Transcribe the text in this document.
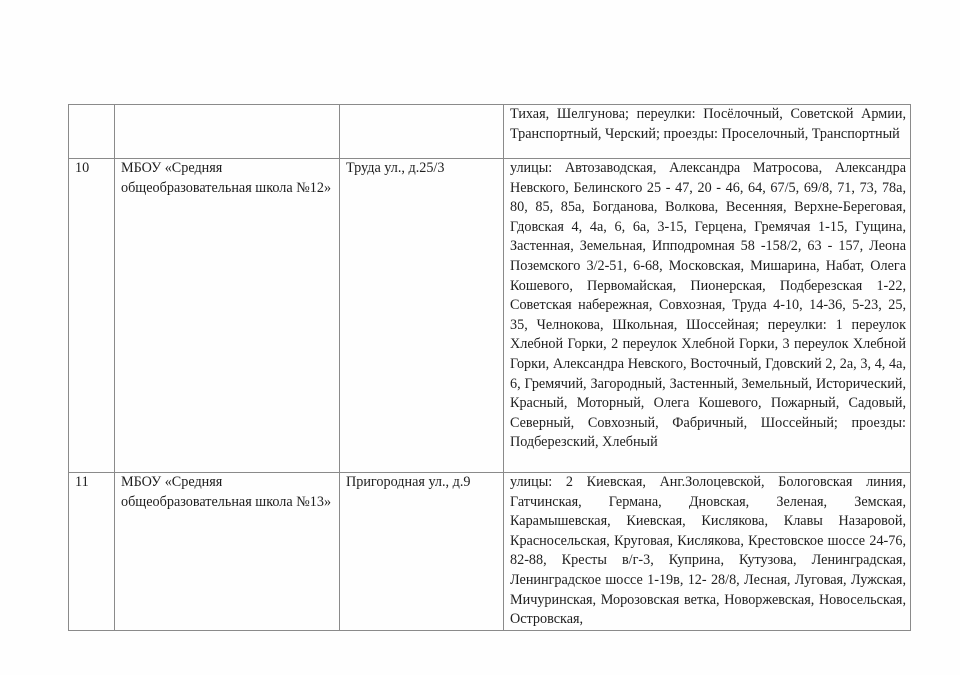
			Тихая, Шелгунова; переулки: Посёлочный, Советской Армии, Транспортный, Черский; проезды: Проселочный, Транспортный
10	МБОУ «Средняя общеобразовательная школа №12»	Труда ул., д.25/3	улицы: Автозаводская, Александра Матросова, Александра Невского, Белинского 25 - 47, 20 - 46, 64, 67/5, 69/8, 71, 73, 78а, 80, 85, 85а, Богданова, Волкова, Весенняя, Верхне-Береговая, Гдовская 4, 4а, 6, 6а, 3-15, Герцена, Гремячая 1-15, Гущина, Застенная, Земельная, Ипподромная 58 -158/2, 63 - 157, Леона Поземского 3/2-51, 6-68, Московская, Мишарина, Набат, Олега Кошевого, Первомайская, Пионерская, Подберезская 1-22, Советская набережная, Совхозная, Труда 4-10, 14-36, 5-23, 25, 35, Челнокова, Школьная, Шоссейная; переулки: 1 переулок Хлебной Горки, 2 переулок Хлебной Горки, 3 переулок Хлебной Горки, Александра Невского, Восточный, Гдовский 2, 2а, 3, 4, 4а, 6, Гремячий, Загородный, Застенный, Земельный, Исторический, Красный, Моторный, Олега Кошевого, Пожарный, Садовый, Северный, Совхозный, Фабричный, Шоссейный; проезды: Подберезский, Хлебный
11	МБОУ «Средняя общеобразовательная школа №13»	Пригородная ул., д.9	улицы: 2 Киевская, Анг.Золоцевской, Бологовская линия, Гатчинская, Германа, Дновская, Зеленая, Земская, Карамышевская, Киевская, Кислякова, Клавы Назаровой, Красносельская, Круговая, Кислякова, Крестовское шоссе 24-76, 82-88, Кресты в/г-3, Куприна, Кутузова, Ленинградская, Ленинградское шоссе 1-19в, 12- 28/8, Лесная, Луговая, Лужская, Мичуринская, Морозовская ветка, Новоржевская, Новосельская, Островская,
